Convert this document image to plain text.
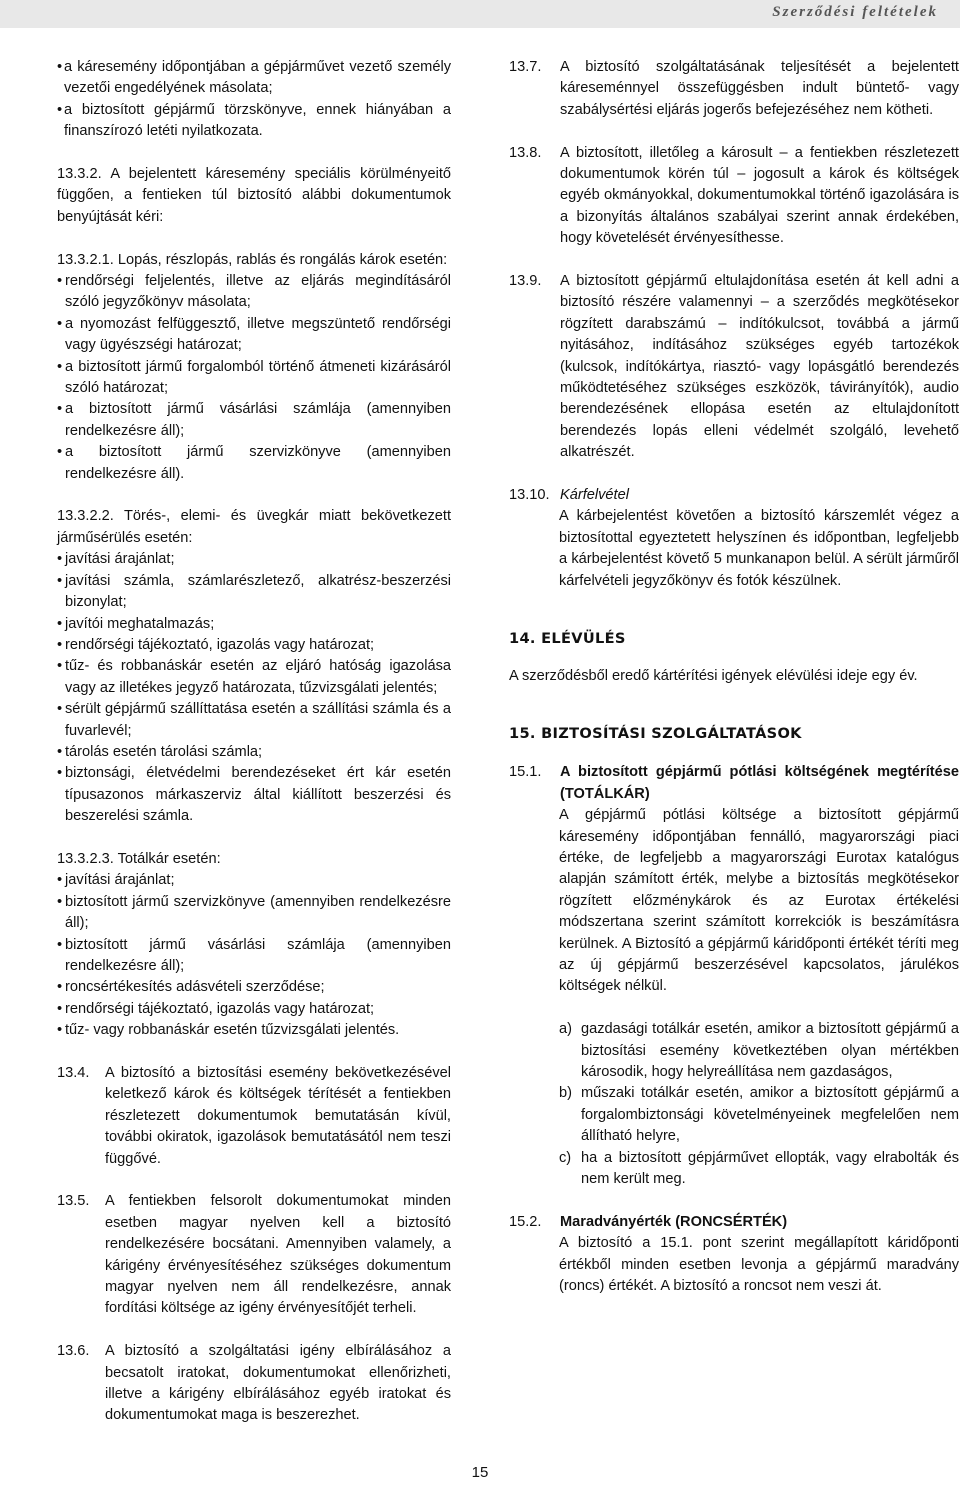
Szerződési feltételek
• a káresemény időpontjában a gépjárművet vezető személy vezetői engedélyének másolata;
• a biztosított gépjármű törzskönyve, ennek hiányában a finanszírozó letéti nyilatkozata.

13.3.2. A bejelentett káresemény speciális körülményeitő függően, a fentieken túl biztosító alábbi dokumentumok benyújtását kéri:

13.3.2.1. Lopás, részlopás, rablás és rongálás károk esetén:

• rendőrségi feljelentés, illetve az eljárás megindításáról szóló jegyzőkönyv másolata;
• a nyomozást felfüggesztő, illetve megszüntető rendőrségi vagy ügyészségi határozat;
• a biztosított jármű forgalomból történő átmeneti kizárásáról szóló határozat;
• a biztosított jármű vásárlási számlája (amennyiben rendelkezésre áll);
• a biztosított jármű szervizkönyve (amennyiben rendelkezésre áll).

13.3.2.2. Törés-, elemi- és üvegkár miatt bekövetkezett járműsérülés esetén:

• javítási árajánlat;
• javítási számla, számlarészletező, alkatrész-beszerzési bizonylat;
• javítói meghatalmazás;
• rendőrségi tájékoztató, igazolás vagy határozat;
• tűz- és robbanáskár esetén az eljáró hatóság igazolása vagy az illetékes jegyző határozata, tűzvizsgálati jelentés;
• sérült gépjármű szállíttatása esetén a szállítási számla és a fuvarlevél;
• tárolás esetén tárolási számla;
• biztonsági, életvédelmi berendezéseket ért kár esetén típusazonos márkaszerviz által kiállított beszerzési és beszerelési számla.

13.3.2.3. Totálkár esetén:

• javítási árajánlat;
• biztosított jármű szervizkönyve (amennyiben rendelkezésre áll);
• biztosított jármű vásárlási számlája (amennyiben rendelkezésre áll);
• roncsértékesítés adásvételi szerződése;
• rendőrségi tájékoztató, igazolás vagy határozat;
• tűz- vagy robbanáskár esetén tűzvizsgálati jelentés.
13.4.	A biztosító a biztosítási esemény bekövetkezésével keletkező károk és költségek térítését a fentiekben részletezett dokumentumok bemutatásán kívül, további okiratok, igazolások bemutatásától nem teszi függővé.
13.5.	A fentiekben felsorolt dokumentumokat minden esetben magyar nyelven kell a biztosító rendelkezésére bocsátani. Amennyiben valamely, a kárigény érvényesítéséhez szükséges dokumentum magyar nyelven nem áll rendelkezésre, annak fordítási költsége az igény érvényesítőjét terheli.
13.6.	A biztosító a szolgáltatási igény elbírálásához a becsatolt iratokat, dokumentumokat ellenőrizheti, illetve a kárigény elbírálásához egyéb iratokat és dokumentumokat maga is beszerezhet.
13.7.	A biztosító szolgáltatásának teljesítését a bejelentett káreseménnyel összefüggésben indult büntető- vagy szabálysértési eljárás jogerős befejezéséhez nem kötheti.
13.8.	A biztosított, illetőleg a károsult – a fentiekben részletezett dokumentumok körén túl – jogosult a károk és költségek egyéb okmányokkal, dokumentumokkal történő igazolására is a bizonyítás általános szabályai szerint annak érdekében, hogy követelését érvényesíthesse.
13.9.	A biztosított gépjármű eltulajdonítása esetén át kell adni a biztosító részére valamennyi – a szerződés megkötésekor rögzített darabszámú – indítókulcsot, továbbá a jármű nyitásához, indításához szükséges egyéb tartozékok (kulcsok, indítókártya, riasztó- vagy lopásgátló berendezés működtetéséhez szükséges eszközök, távirányítók), audio berendezésének ellopása esetén az eltulajdonított berendezés lopás elleni védelmét szolgáló, levehető alkatrészét.
13.10. Kárfelvétel

A kárbejelentést követően a biztosító kárszemlét végez a biztosítottal egyeztetett helyszínen és időpontban, legfeljebb a kárbejelentést követő 5 munkanapon belül. A sérült járműről kárfelvételi jegyzőkönyv és fotók készülnek.

14. ELÉVÜLÉS

A szerződésből eredő kártérítési igények elévülési ideje egy év.

15. BIZTOSÍTÁSI SZOLGÁLTATÁSOK

15.1.	A biztosított gépjármű pótlási költségének megtérítése (TOTÁLKÁR)

A gépjármű pótlási költsége a biztosított gépjármű káresemény időpontjában fennálló, magyarországi piaci értéke, de legfeljebb a magyarországi Eurotax katalógus alapján számított érték, melybe a biztosítás megkötésekor rögzített előzménykárok és az Eurotax értékelési módszertana szerint számított korrekciók is beszámításra kerülnek. A Biztosító a gépjármű káridőponti értékét téríti meg az új gépjármű beszerzésével kapcsolatos, járulékos költségek nélkül.

a) gazdasági totálkár esetén, amikor a biztosított gépjármű a biztosítási esemény következtében olyan mértékben károsodik, hogy helyreállítása nem gazdaságos,
b) műszaki totálkár esetén, amikor a biztosított gépjármű a forgalombiztonsági követelményeinek megfelelően nem állítható helyre,
c) ha a biztosított gépjárművet ellopták, vagy elrabolták és nem került meg.
15.2.	Maradványérték (RONCSÉRTÉK)

A biztosító a 15.1. pont szerint megállapított káridőponti értékből minden esetben levonja a gépjármű maradvány (roncs) értékét. A biztosító a roncsot nem veszi át.

15
